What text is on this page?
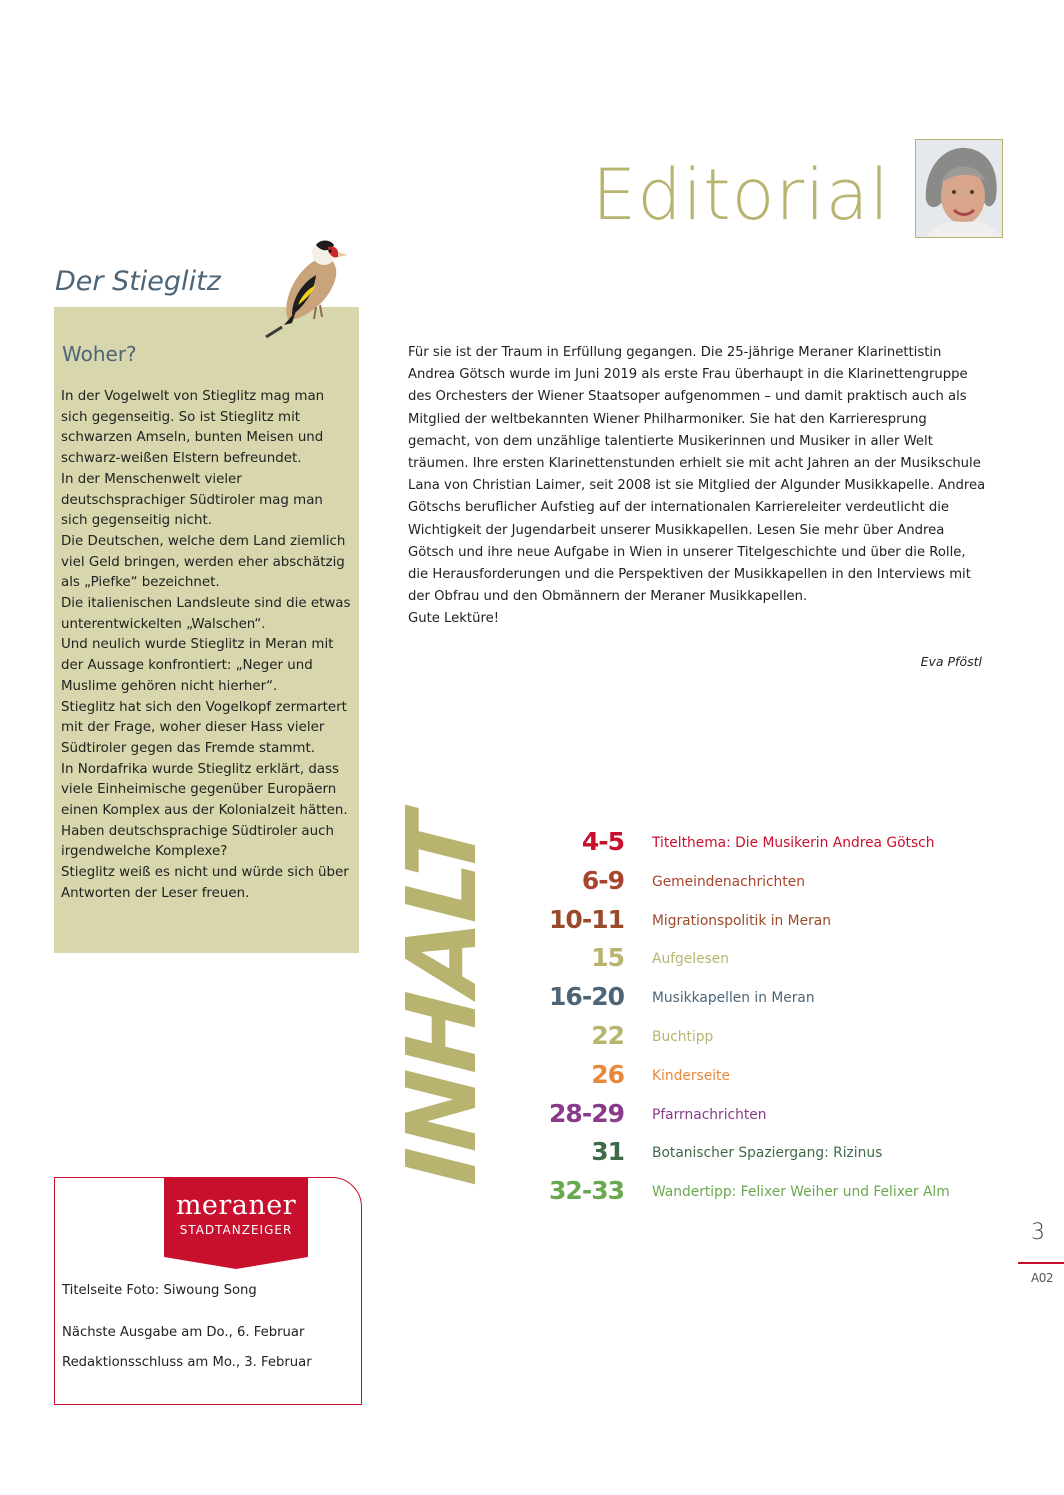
Editorial
Der Stieglitz
Woher?

In der Vogelwelt von Stieglitz mag man sich gegenseitig. So ist Stieglitz mit schwarzen Amseln, bunten Meisen und schwarz-weißen Elstern befreundet.

In der Menschenwelt vieler deutschsprachiger Südtiroler mag man sich gegenseitig nicht.

Die Deutschen, welche dem Land ziemlich viel Geld bringen, werden eher abschätzig als „Piefke“ bezeichnet.

Die italienischen Landsleute sind die etwas unterentwickelten „Walschen“.

Und neulich wurde Stieglitz in Meran mit der Aussage konfrontiert: „Neger und Muslime gehören nicht hierher“.

Stieglitz hat sich den Vogelkopf zermartert mit der Frage, woher dieser Hass vieler Südtiroler gegen das Fremde stammt.

In Nordafrika wurde Stieglitz erklärt, dass viele Einheimische gegenüber Europäern einen Komplex aus der Kolonialzeit hätten.

Haben deutschsprachige Südtiroler auch irgendwelche Komplexe?

Stieglitz weiß es nicht und würde sich über Antworten der Leser freuen.

Für sie ist der Traum in Erfüllung gegangen. Die 25-jährige Meraner Klarinettistin Andrea Götsch wurde im Juni 2019 als erste Frau überhaupt in die Klarinettengruppe des Orchesters der Wiener Staatsoper aufgenommen – und damit praktisch auch als Mitglied der weltbekannten Wiener Philharmoniker. Sie hat den Karrieresprung gemacht, von dem unzählige talentierte Musikerinnen und Musiker in aller Welt träumen. Ihre ersten Klarinettenstunden erhielt sie mit acht Jahren an der Musikschule Lana von Christian Laimer, seit 2008 ist sie Mitglied der Algunder Musikkapelle. Andrea Götschs beruflicher Aufstieg auf der internationalen Karriereleiter verdeutlicht die Wichtigkeit der Jugendarbeit unserer Musikkapellen. Lesen Sie mehr über Andrea Götsch und ihre neue Aufgabe in Wien in unserer Titelgeschichte und über die Rolle, die Herausforderungen und die Perspektiven der Musikkapellen in den Interviews mit der Obfrau und den Obmännern der Meraner Musikkapellen.

Gute Lektüre!

Eva Pföstl
INHALT	4-5 Titelthema: Die Musikerin Andrea Götsch
6-9 Gemeindenachrichten
10-11 Migrationspolitik in Meran
15 Aufgelesen
16-20 Musikkapellen in Meran
22 Buchtipp
26 Kinderseite
28-29 Pfarrnachrichten
31 Botanischer Spaziergang: Rizinus
32-33 Wandertipp: Felixer Weiher und Felixer Alm
meraner
STADTANZEIGER
Titelseite Foto: Siwoung Song
Nächste Ausgabe am Do., 6. Februar
Redaktionsschluss am Mo., 3. Februar
3
A02
